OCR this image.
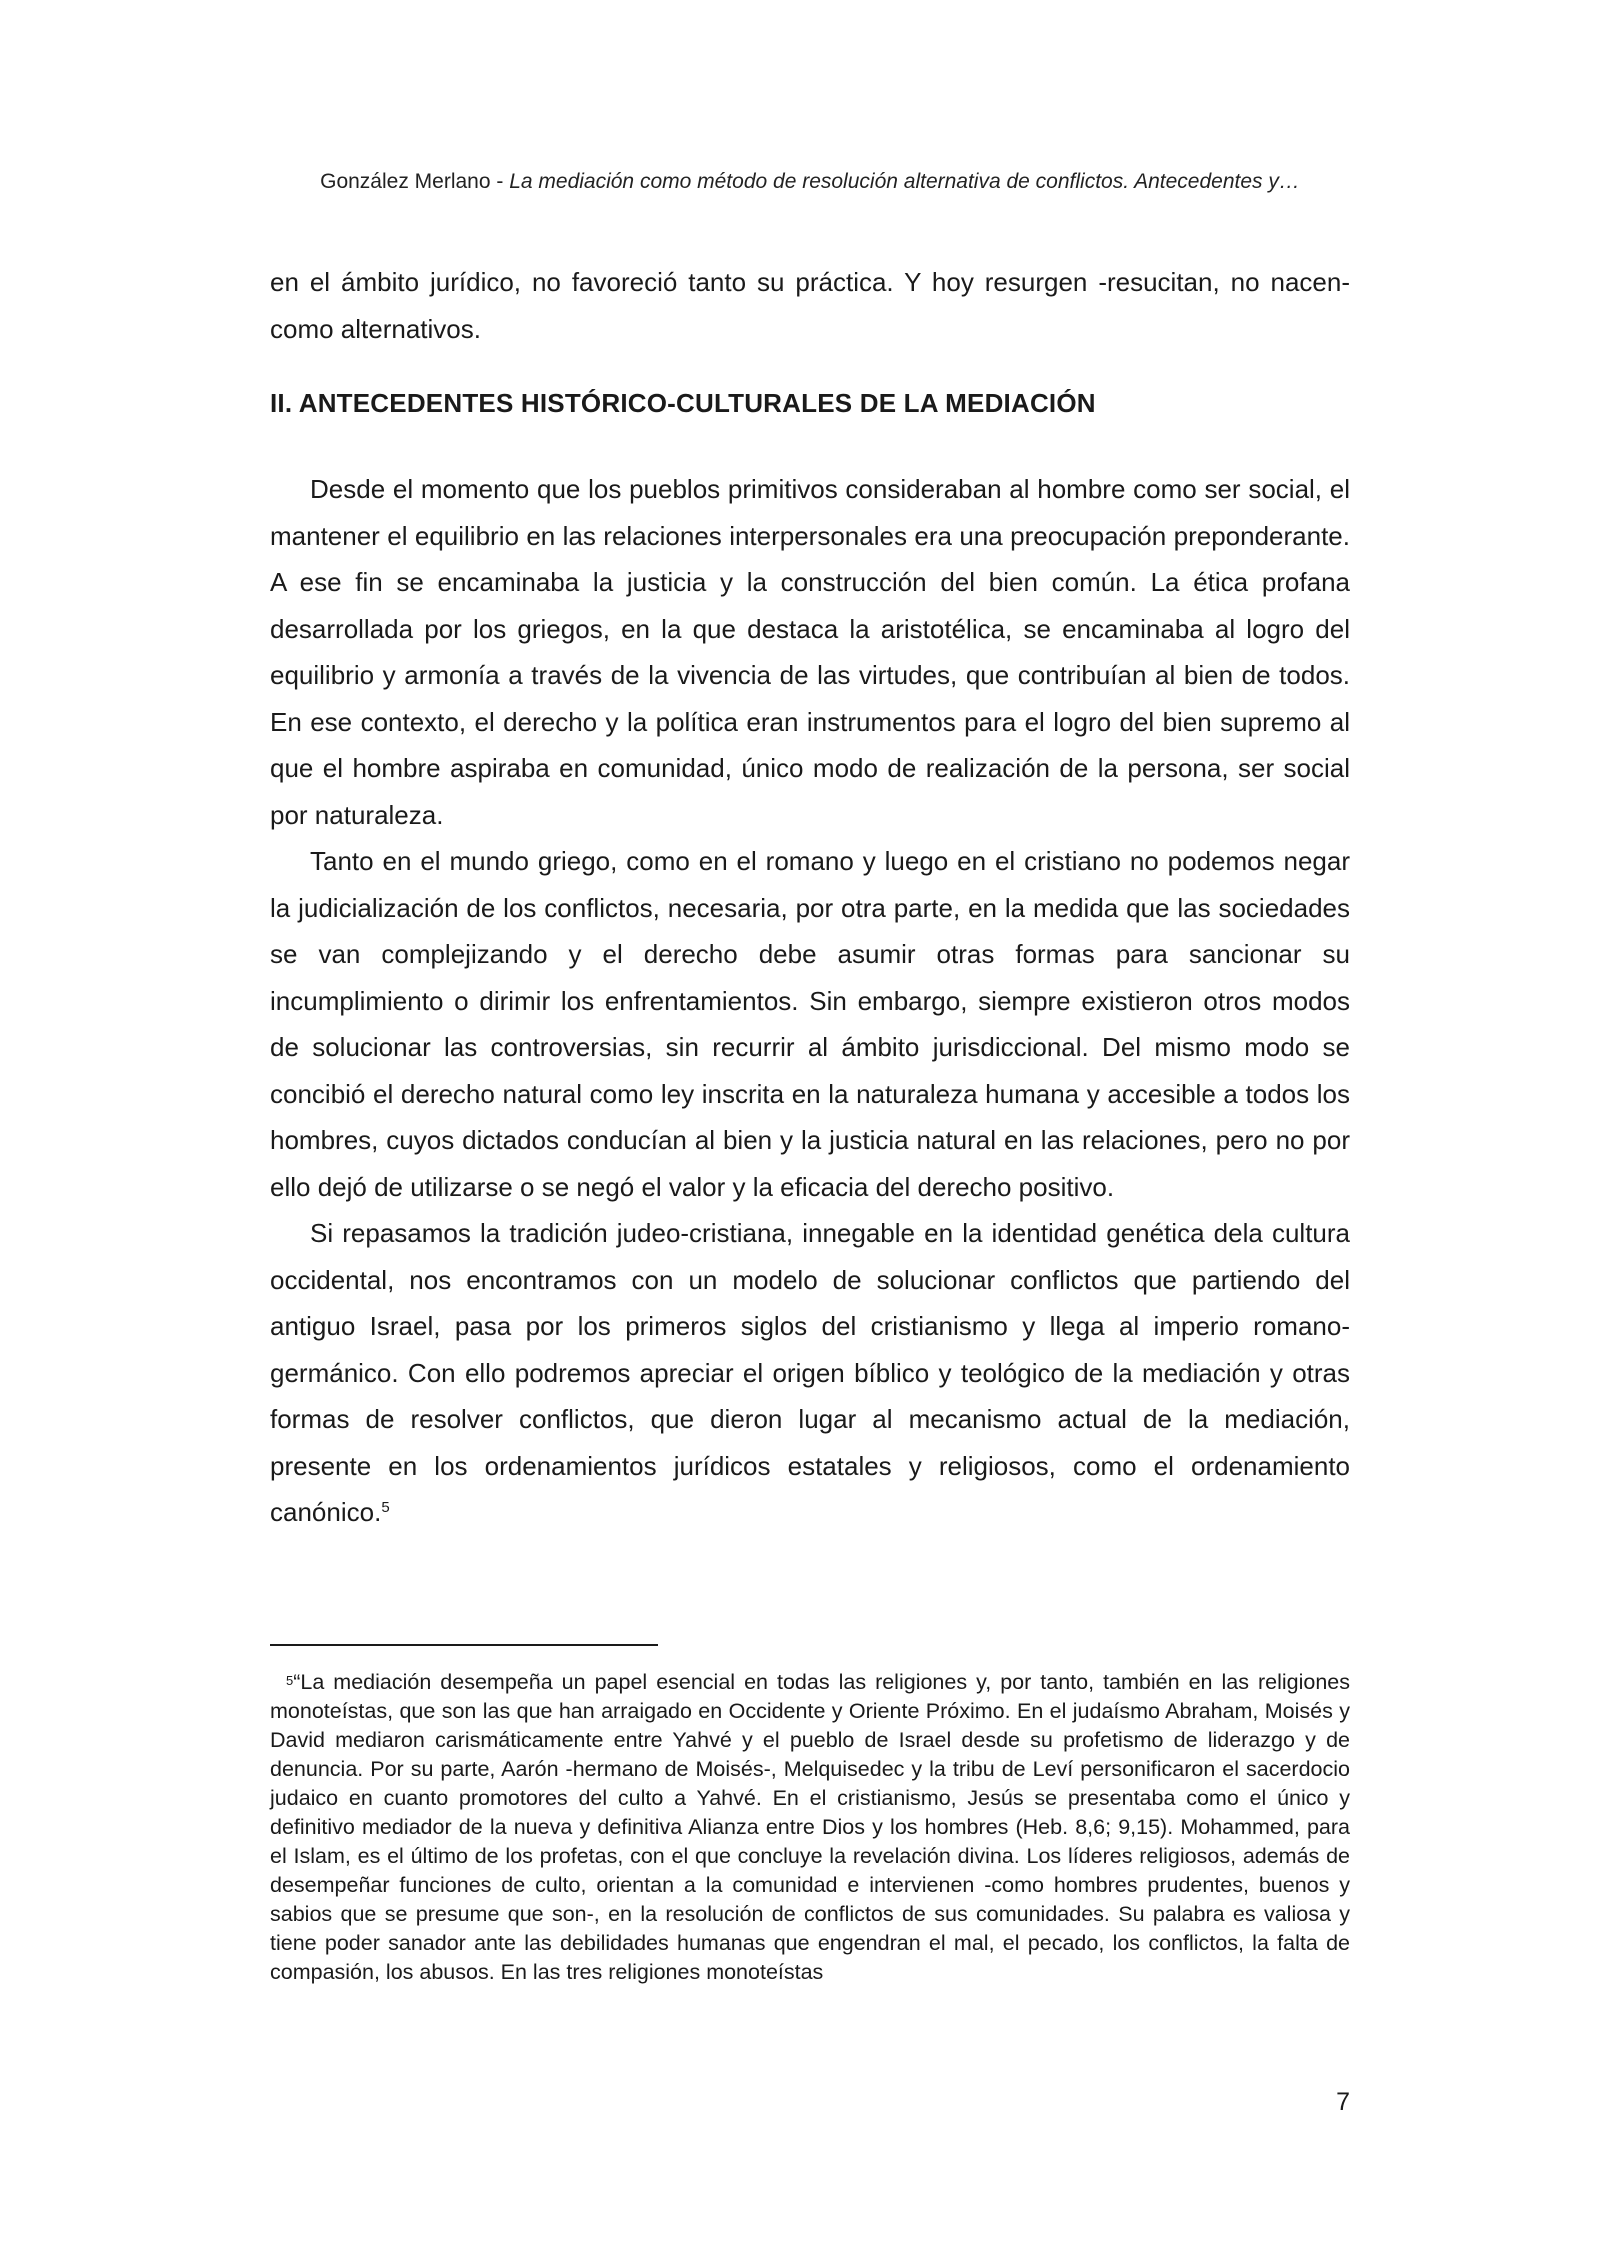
González Merlano - La mediación como método de resolución alternativa de conflictos. Antecedentes y…

en el ámbito jurídico, no favoreció tanto su práctica. Y hoy resurgen -resucitan, no nacen- como alternativos.

II. ANTECEDENTES HISTÓRICO-CULTURALES DE LA MEDIACIÓN

Desde el momento que los pueblos primitivos consideraban al hombre como ser social, el mantener el equilibrio en las relaciones interpersonales era una preocupación preponderante. A ese fin se encaminaba la justicia y la construcción del bien común. La ética profana desarrollada por los griegos, en la que destaca la aristotélica, se encaminaba al logro del equilibrio y armonía a través de la vivencia de las virtudes, que contribuían al bien de todos. En ese contexto, el derecho y la política eran instrumentos para el logro del bien supremo al que el hombre aspiraba en comunidad, único modo de realización de la persona, ser social por naturaleza.

Tanto en el mundo griego, como en el romano y luego en el cristiano no podemos negar la judicialización de los conflictos, necesaria, por otra parte, en la medida que las sociedades se van complejizando y el derecho debe asumir otras formas para sancionar su incumplimiento o dirimir los enfrentamientos. Sin embargo, siempre existieron otros modos de solucionar las controversias, sin recurrir al ámbito jurisdiccional. Del mismo modo se concibió el derecho natural como ley inscrita en la naturaleza humana y accesible a todos los hombres, cuyos dictados conducían al bien y la justicia natural en las relaciones, pero no por ello dejó de utilizarse o se negó el valor y la eficacia del derecho positivo.

Si repasamos la tradición judeo-cristiana, innegable en la identidad genética dela cultura occidental, nos encontramos con un modelo de solucionar conflictos que partiendo del antiguo Israel, pasa por los primeros siglos del cristianismo y llega al imperio romano-germánico. Con ello podremos apreciar el origen bíblico y teológico de la mediación y otras formas de resolver conflictos, que dieron lugar al mecanismo actual de la mediación, presente en los ordenamientos jurídicos estatales y religiosos, como el ordenamiento canónico.$^5$

$^5$“La mediación desempeña un papel esencial en todas las religiones y, por tanto, también en las religiones monoteístas, que son las que han arraigado en Occidente y Oriente Próximo. En el judaísmo Abraham, Moisés y David mediaron carismáticamente entre Yahvé y el pueblo de Israel desde su profetismo de liderazgo y de denuncia. Por su parte, Aarón -hermano de Moisés-, Melquisedec y la tribu de Leví personificaron el sacerdocio judaico en cuanto promotores del culto a Yahvé. En el cristianismo, Jesús se presentaba como el único y definitivo mediador de la nueva y definitiva Alianza entre Dios y los hombres (Heb. 8,6; 9,15). Mohammed, para el Islam, es el último de los profetas, con el que concluye la revelación divina. Los líderes religiosos, además de desempeñar funciones de culto, orientan a la comunidad e intervienen -como hombres prudentes, buenos y sabios que se presume que son-, en la resolución de conflictos de sus comunidades. Su palabra es valiosa y tiene poder sanador ante las debilidades humanas que engendran el mal, el pecado, los conflictos, la falta de compasión, los abusos. En las tres religiones monoteístas
7
